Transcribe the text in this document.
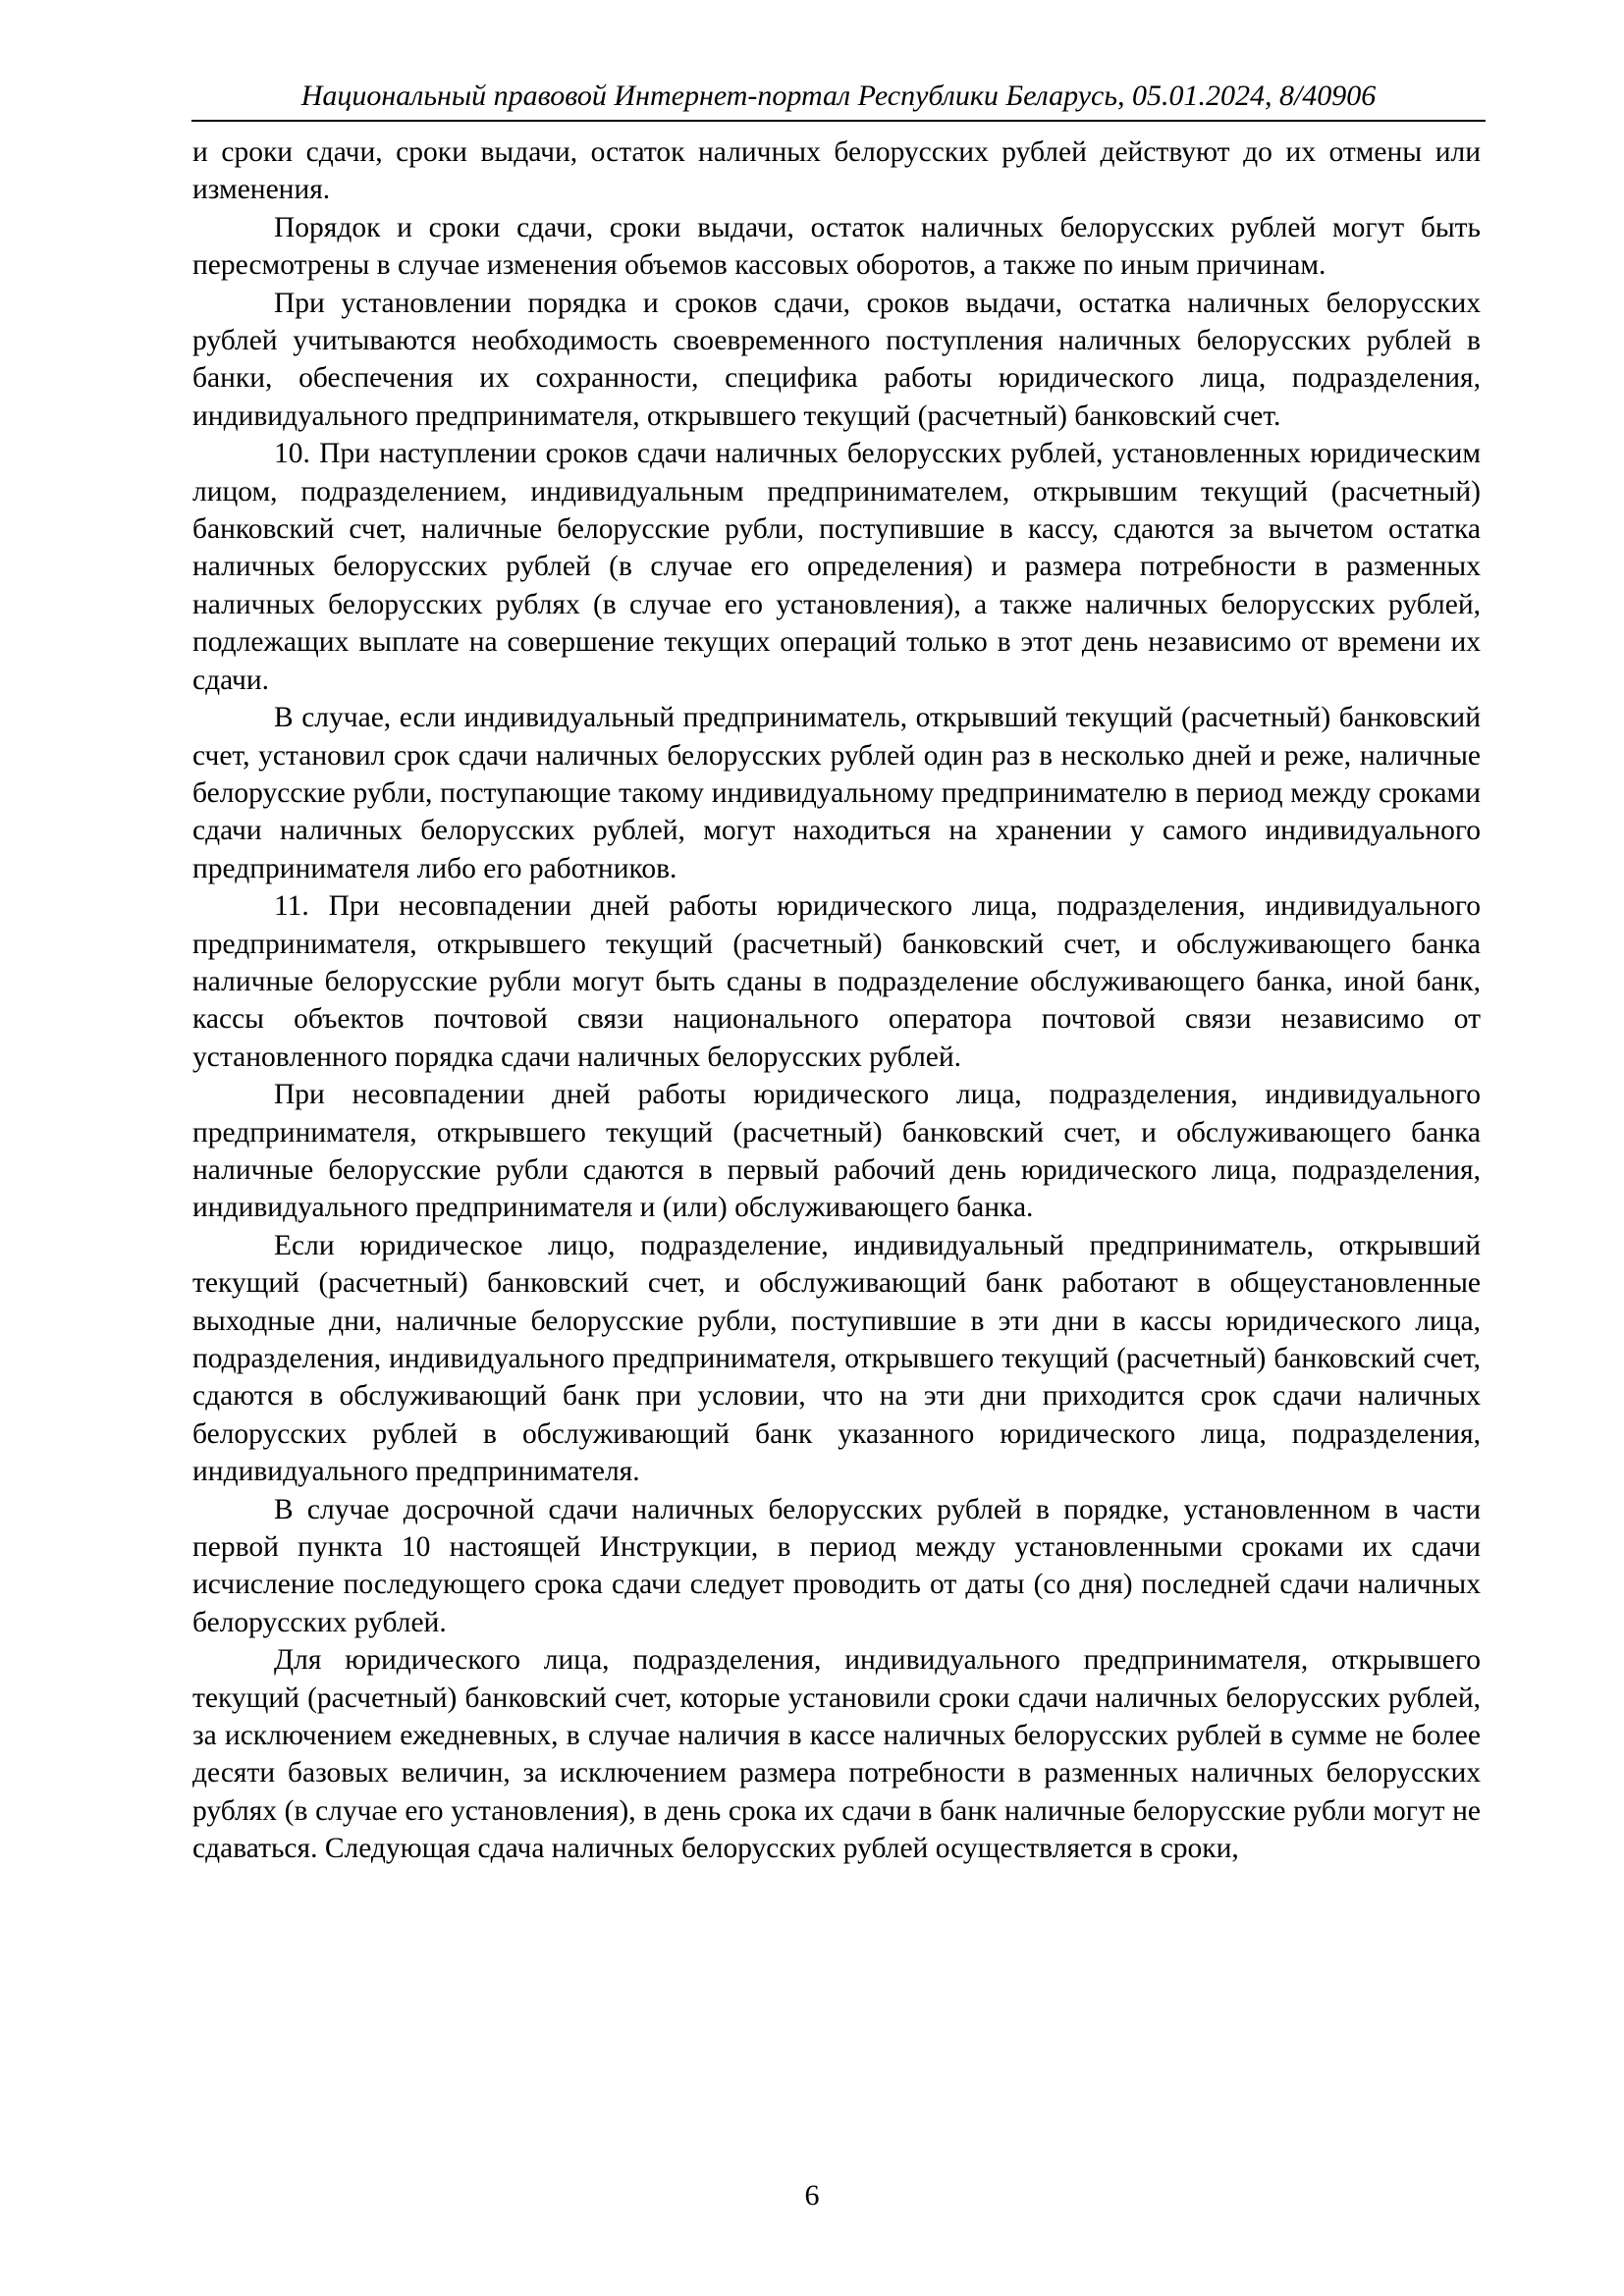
Национальный правовой Интернет-портал Республики Беларусь, 05.01.2024, 8/40906

и сроки сдачи, сроки выдачи, остаток наличных белорусских рублей действуют до их отмены или изменения.

Порядок и сроки сдачи, сроки выдачи, остаток наличных белорусских рублей могут быть пересмотрены в случае изменения объемов кассовых оборотов, а также по иным причинам.

При установлении порядка и сроков сдачи, сроков выдачи, остатка наличных белорусских рублей учитываются необходимость своевременного поступления наличных белорусских рублей в банки, обеспечения их сохранности, специфика работы юридического лица, подразделения, индивидуального предпринимателя, открывшего текущий (расчетный) банковский счет.

10. При наступлении сроков сдачи наличных белорусских рублей, установленных юридическим лицом, подразделением, индивидуальным предпринимателем, открывшим текущий (расчетный) банковский счет, наличные белорусские рубли, поступившие в кассу, сдаются за вычетом остатка наличных белорусских рублей (в случае его определения) и размера потребности в разменных наличных белорусских рублях (в случае его установления), а также наличных белорусских рублей, подлежащих выплате на совершение текущих операций только в этот день независимо от времени их сдачи.

В случае, если индивидуальный предприниматель, открывший текущий (расчетный) банковский счет, установил срок сдачи наличных белорусских рублей один раз в несколько дней и реже, наличные белорусские рубли, поступающие такому индивидуальному предпринимателю в период между сроками сдачи наличных белорусских рублей, могут находиться на хранении у самого индивидуального предпринимателя либо его работников.

11. При несовпадении дней работы юридического лица, подразделения, индивидуального предпринимателя, открывшего текущий (расчетный) банковский счет, и обслуживающего банка наличные белорусские рубли могут быть сданы в подразделение обслуживающего банка, иной банк, кассы объектов почтовой связи национального оператора почтовой связи независимо от установленного порядка сдачи наличных белорусских рублей.

При несовпадении дней работы юридического лица, подразделения, индивидуального предпринимателя, открывшего текущий (расчетный) банковский счет, и обслуживающего банка наличные белорусские рубли сдаются в первый рабочий день юридического лица, подразделения, индивидуального предпринимателя и (или) обслуживающего банка.

Если юридическое лицо, подразделение, индивидуальный предприниматель, открывший текущий (расчетный) банковский счет, и обслуживающий банк работают в общеустановленные выходные дни, наличные белорусские рубли, поступившие в эти дни в кассы юридического лица, подразделения, индивидуального предпринимателя, открывшего текущий (расчетный) банковский счет, сдаются в обслуживающий банк при условии, что на эти дни приходится срок сдачи наличных белорусских рублей в обслуживающий банк указанного юридического лица, подразделения, индивидуального предпринимателя.

В случае досрочной сдачи наличных белорусских рублей в порядке, установленном в части первой пункта 10 настоящей Инструкции, в период между установленными сроками их сдачи исчисление последующего срока сдачи следует проводить от даты (со дня) последней сдачи наличных белорусских рублей.

Для юридического лица, подразделения, индивидуального предпринимателя, открывшего текущий (расчетный) банковский счет, которые установили сроки сдачи наличных белорусских рублей, за исключением ежедневных, в случае наличия в кассе наличных белорусских рублей в сумме не более десяти базовых величин, за исключением размера потребности в разменных наличных белорусских рублях (в случае его установления), в день срока их сдачи в банк наличные белорусские рубли могут не сдаваться. Следующая сдача наличных белорусских рублей осуществляется в сроки,

6
